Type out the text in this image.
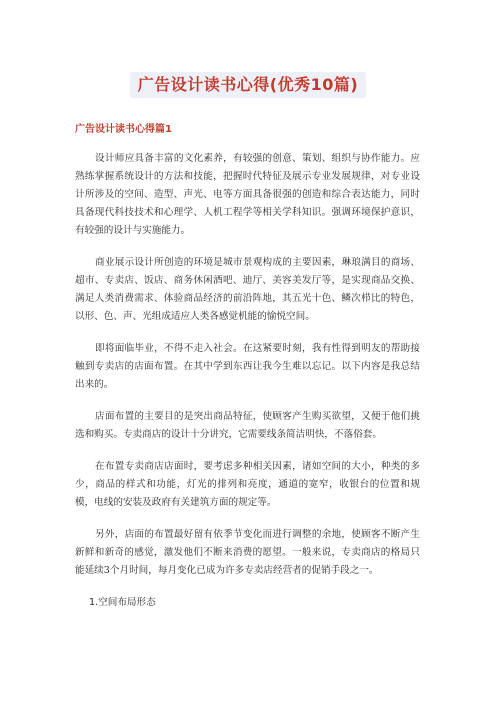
广告设计读书心得(优秀10篇)
广告设计读书心得篇1

设计师应具备丰富的文化素养，有较强的创意、策划、组织与协作能力。应熟练掌握系统设计的方法和技能，把握时代特征及展示专业发展规律，对专业设计所涉及的空间、造型、声光、电等方面具备很强的创造和综合表达能力，同时具备现代科技技术和心理学、人机工程学等相关学科知识。强调环境保护意识，有较强的设计与实施能力。

商业展示设计所创造的环境是城市景观构成的主要因素，琳琅满目的商场、超市、专卖店、饭店、商务休闲酒吧、迪厅、美容美发厅等，是实现商品交换、满足人类消费需求、体验商品经济的前沿阵地，其五光十色、鳞次栉比的特色，以形、色、声、光组成适应人类各感觉机能的愉悦空间。

即将面临毕业，不得不走入社会。在这紧要时刻，我有性得到明友的帮助接触到专卖店的店面布置。在其中学到东西让我今生难以忘记。以下内容是我总结出来的。

店面布置的主要目的是突出商品特征，使顾客产生购买欲望，又便于他们挑选和购买。专卖商店的设计十分讲究，它需要线条简洁明快，不落俗套。

在布置专卖商店店面时，要考虑多种相关因素，诸如空间的大小，种类的多少，商品的样式和功能，灯光的排列和亮度，通道的宽窄，收银台的位置和规模，电线的安装及政府有关建筑方面的规定等。

另外，店面的布置最好留有依季节变化而进行调整的余地，使顾客不断产生新鲜和新奇的感觉，激发他们不断来消费的愿望。一般来说，专卖商店的格局只能延续3个月时间，每月变化已成为许多专卖店经营者的促销手段之一。

1.空间布局形态
